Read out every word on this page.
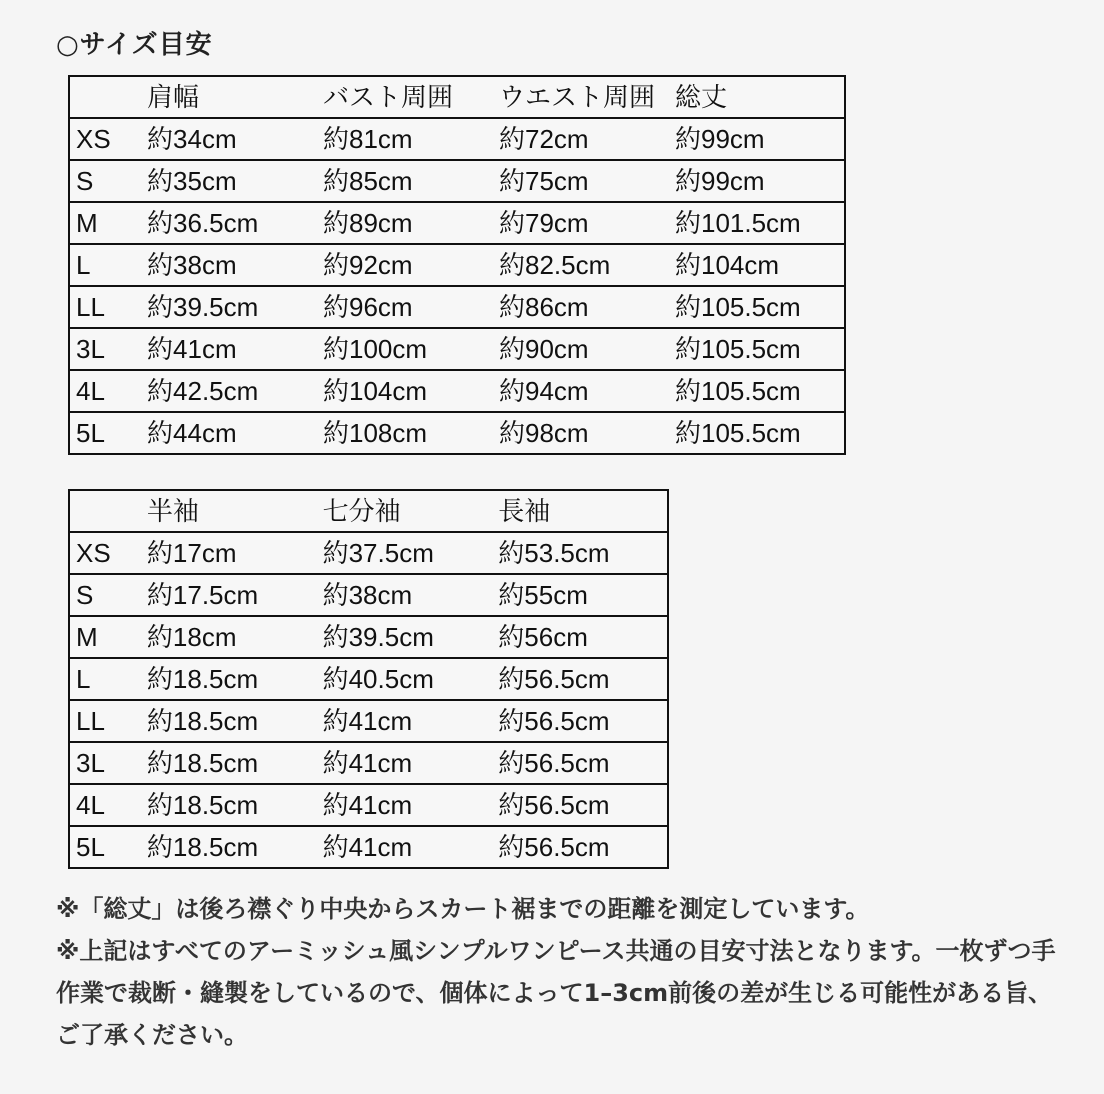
○サイズ目安
	肩幅	バスト周囲	ウエスト周囲	総丈
XS	約34cm	約81cm	約72cm	約99cm
S	約35cm	約85cm	約75cm	約99cm
M	約36.5cm	約89cm	約79cm	約101.5cm
L	約38cm	約92cm	約82.5cm	約104cm
LL	約39.5cm	約96cm	約86cm	約105.5cm
3L	約41cm	約100cm	約90cm	約105.5cm
4L	約42.5cm	約104cm	約94cm	約105.5cm
5L	約44cm	約108cm	約98cm	約105.5cm
	半袖	七分袖	長袖
XS	約17cm	約37.5cm	約53.5cm
S	約17.5cm	約38cm	約55cm
M	約18cm	約39.5cm	約56cm
L	約18.5cm	約40.5cm	約56.5cm
LL	約18.5cm	約41cm	約56.5cm
3L	約18.5cm	約41cm	約56.5cm
4L	約18.5cm	約41cm	約56.5cm
5L	約18.5cm	約41cm	約56.5cm

※「総丈」は後ろ襟ぐり中央からスカート裾までの距離を測定しています。

※上記はすべてのアーミッシュ風シンプルワンピース共通の目安寸法となります。一枚ずつ手作業で裁断・縫製をしているので、個体によって1–3cm前後の差が生じる可能性がある旨、ご了承ください。
